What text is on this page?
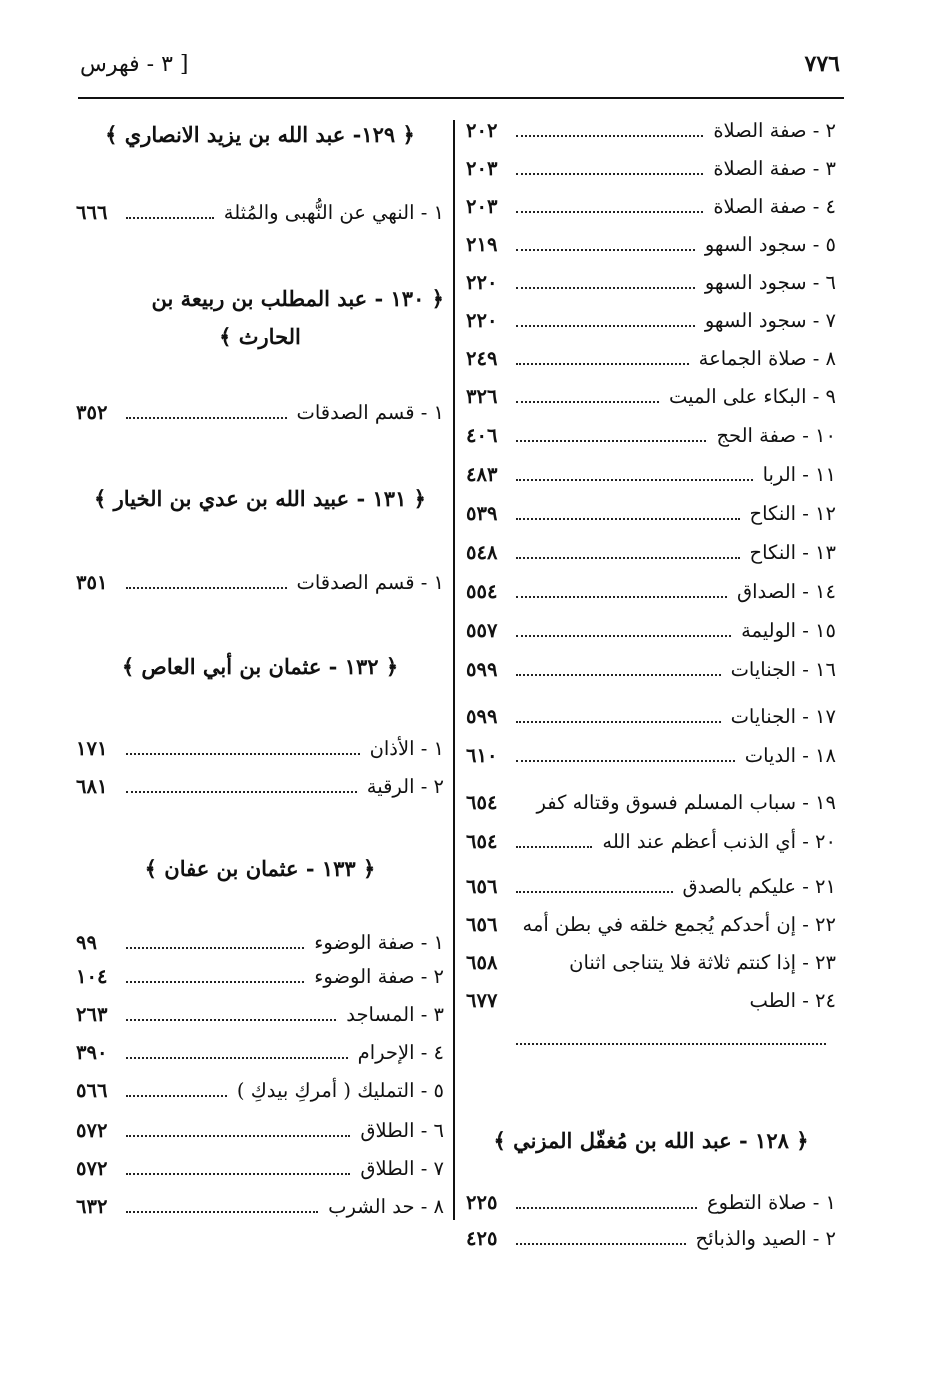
٧٧٦
[ ٣ - فهرس
٢ - صفة الصلاة
٢٠٢
٣ - صفة الصلاة
٢٠٣
٤ - صفة الصلاة
٢٠٣
٥ - سجود السهو
٢١٩
٦ - سجود السهو
٢٢٠
٧ - سجود السهو
٢٢٠
٨ - صلاة الجماعة
٢٤٩
٩ - البكاء على الميت
٣٢٦
١٠ - صفة الحج
٤٠٦
١١ - الربا
٤٨٣
١٢ - النكاح
٥٣٩
١٣ - النكاح
٥٤٨
١٤ - الصداق
٥٥٤
١٥ - الوليمة
٥٥٧
١٦ - الجنايات
٥٩٩
١٧ - الجنايات
٥٩٩
١٨ - الديات
٦١٠
١٩ - سباب المسلم فسوق وقتاله كفر
٦٥٤
٢٠ - أي الذنب أعظم عند الله
٦٥٤
٢١ - عليكم بالصدق
٦٥٦
٢٢ - إن أحدكم يُجمع خلقه في بطن أمه
٦٥٦
٢٣ - إذا كنتم ثلاثة فلا يتناجى اثنان
٦٥٨
٢٤ - الطب
٦٧٧
﴿ ١٢٨ - عبد الله بن مُغفّل المزني ﴾
١ - صلاة التطوع
٢٢٥
٢ - الصيد والذبائح
٤٢٥
﴿ ١٢٩- عبد الله بن يزيد الانصاري ﴾
١ - النهي عن النُّهبى والمُثلة
٦٦٦
﴿ ١٣٠ - عبد المطلب بن ربيعة بن
الحارث ﴾
١ - قسم الصدقات
٣٥٢
﴿ ١٣١ - عبيد الله بن عدي بن الخيار ﴾
١ - قسم الصدقات
٣٥١
﴿ ١٣٢ - عثمان بن أبي العاص ﴾
١ - الأذان
١٧١
٢ - الرقية
٦٨١
﴿ ١٣٣ - عثمان بن عفان ﴾
١ - صفة الوضوء
٩٩
٢ - صفة الوضوء
١٠٤
٣ - المساجد
٢٦٣
٤ - الإحرام
٣٩٠
٥ - التمليك ( أمركِ بيدكِ )
٥٦٦
٦ - الطلاق
٥٧٢
٧ - الطلاق
٥٧٢
٨ - حد الشرب
٦٣٢
